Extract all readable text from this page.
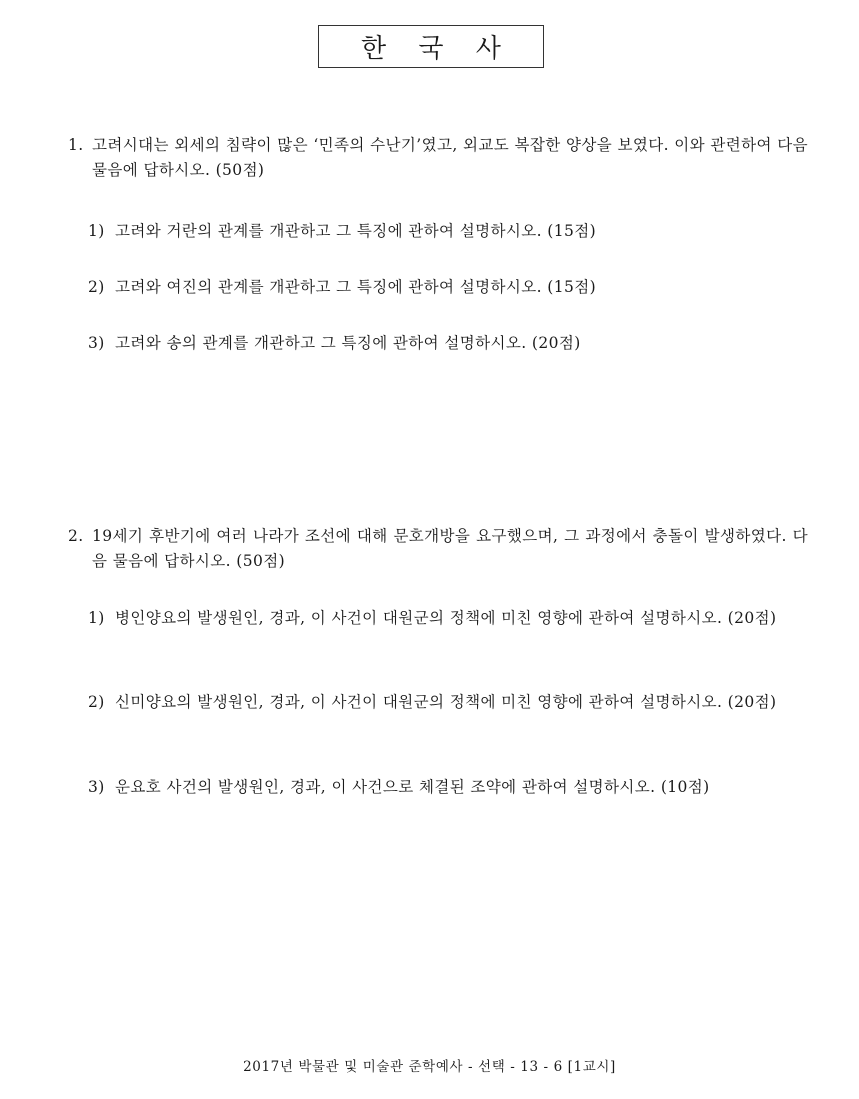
한 국 사
1. 고려시대는 외세의 침략이 많은 ‘민족의 수난기’였고, 외교도 복잡한 양상을 보였다. 이와 관련하여 다음 물음에 답하시오. (50점)
1) 고려와 거란의 관계를 개관하고 그 특징에 관하여 설명하시오. (15점)
2) 고려와 여진의 관계를 개관하고 그 특징에 관하여 설명하시오. (15점)
3) 고려와 송의 관계를 개관하고 그 특징에 관하여 설명하시오. (20점)
2. 19세기 후반기에 여러 나라가 조선에 대해 문호개방을 요구했으며, 그 과정에서 충돌이 발생하였다. 다음 물음에 답하시오. (50점)
1) 병인양요의 발생원인, 경과, 이 사건이 대원군의 정책에 미친 영향에 관하여 설명하시오. (20점)
2) 신미양요의 발생원인, 경과, 이 사건이 대원군의 정책에 미친 영향에 관하여 설명하시오. (20점)
3) 운요호 사건의 발생원인, 경과, 이 사건으로 체결된 조약에 관하여 설명하시오. (10점)
2017년 박물관 및 미술관 준학예사 - 선택 - 13 - 6 [1교시]
